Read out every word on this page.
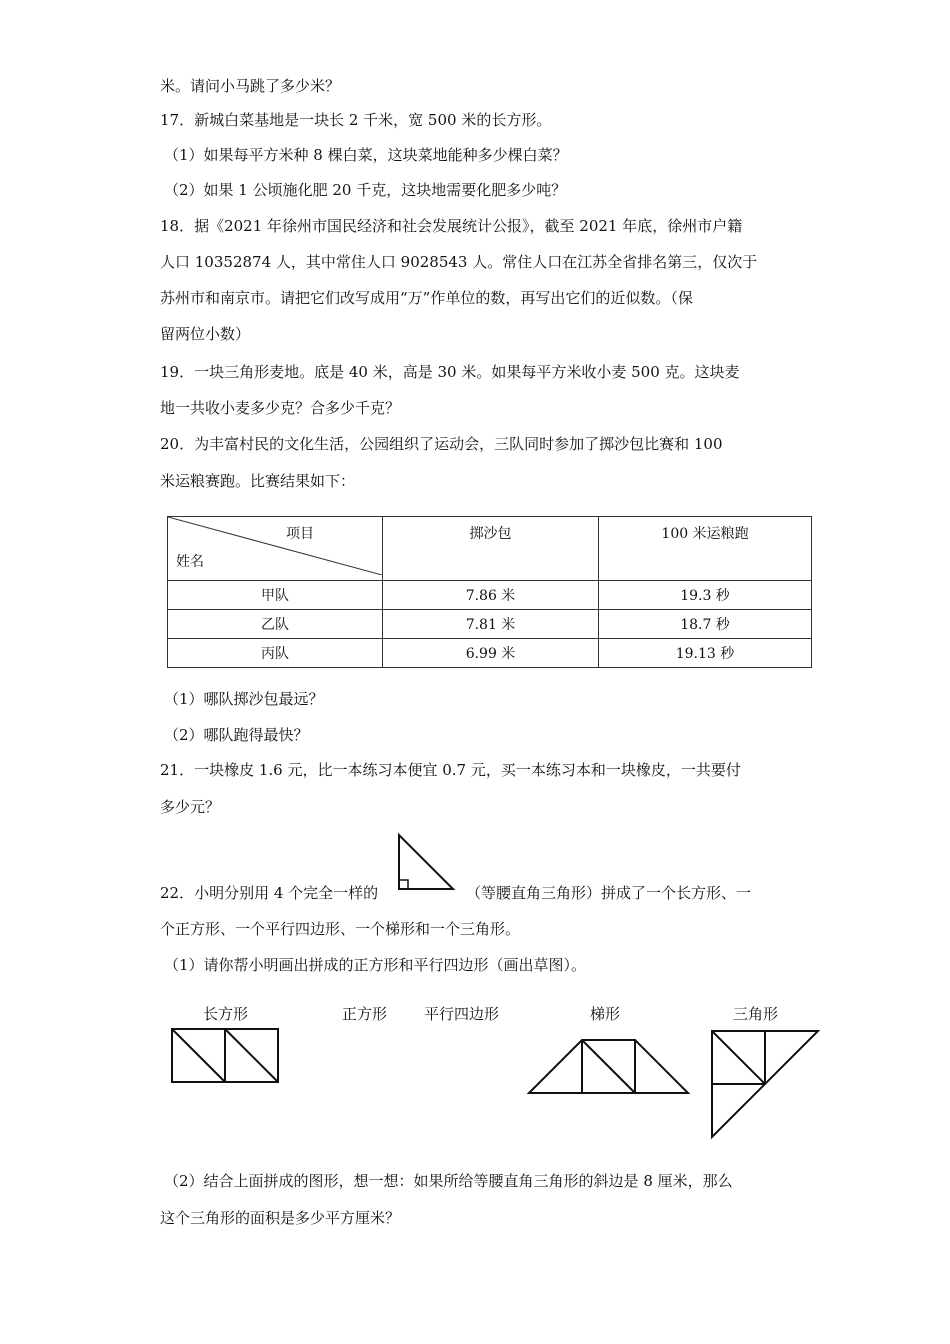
米。请问小马跳了多少米？
17．新城白菜基地是一块长 2 千米，宽 500 米的长方形。
（1）如果每平方米种 8 棵白菜，这块菜地能种多少棵白菜？
（2）如果 1 公顷施化肥 20 千克，这块地需要化肥多少吨？
18．据《2021 年徐州市国民经济和社会发展统计公报》，截至 2021 年底，徐州市户籍
人口 10352874 人，其中常住人口 9028543 人。常住人口在江苏全省排名第三，仅次于
苏州市和南京市。请把它们改写成用“万”作单位的数，再写出它们的近似数。（保
留两位小数）
19．一块三角形麦地。底是 40 米，高是 30 米。如果每平方米收小麦 500 克。这块麦
地一共收小麦多少克？合多少千克？
20．为丰富村民的文化生活，公园组织了运动会，三队同时参加了掷沙包比赛和 100
米运粮赛跑。比赛结果如下：
项目
姓名	掷沙包	100 米运粮跑
甲队	7.86 米	19.3 秒
乙队	7.81 米	18.7 秒
丙队	6.99 米	19.13 秒
（1）哪队掷沙包最远？
（2）哪队跑得最快？
21．一块橡皮 1.6 元，比一本练习本便宜 0.7 元，买一本练习本和一块橡皮，一共要付
多少元？
22．小明分别用 4 个完全一样的	（等腰直角三角形）拼成了一个长方形、一
个正方形、一个平行四边形、一个梯形和一个三角形。
（1）请你帮小明画出拼成的正方形和平行四边形（画出草图）。
长方形	正方形 平行四边形	梯形	三角形
（2）结合上面拼成的图形，想一想：如果所给等腰直角三角形的斜边是 8 厘米，那么
这个三角形的面积是多少平方厘米？
